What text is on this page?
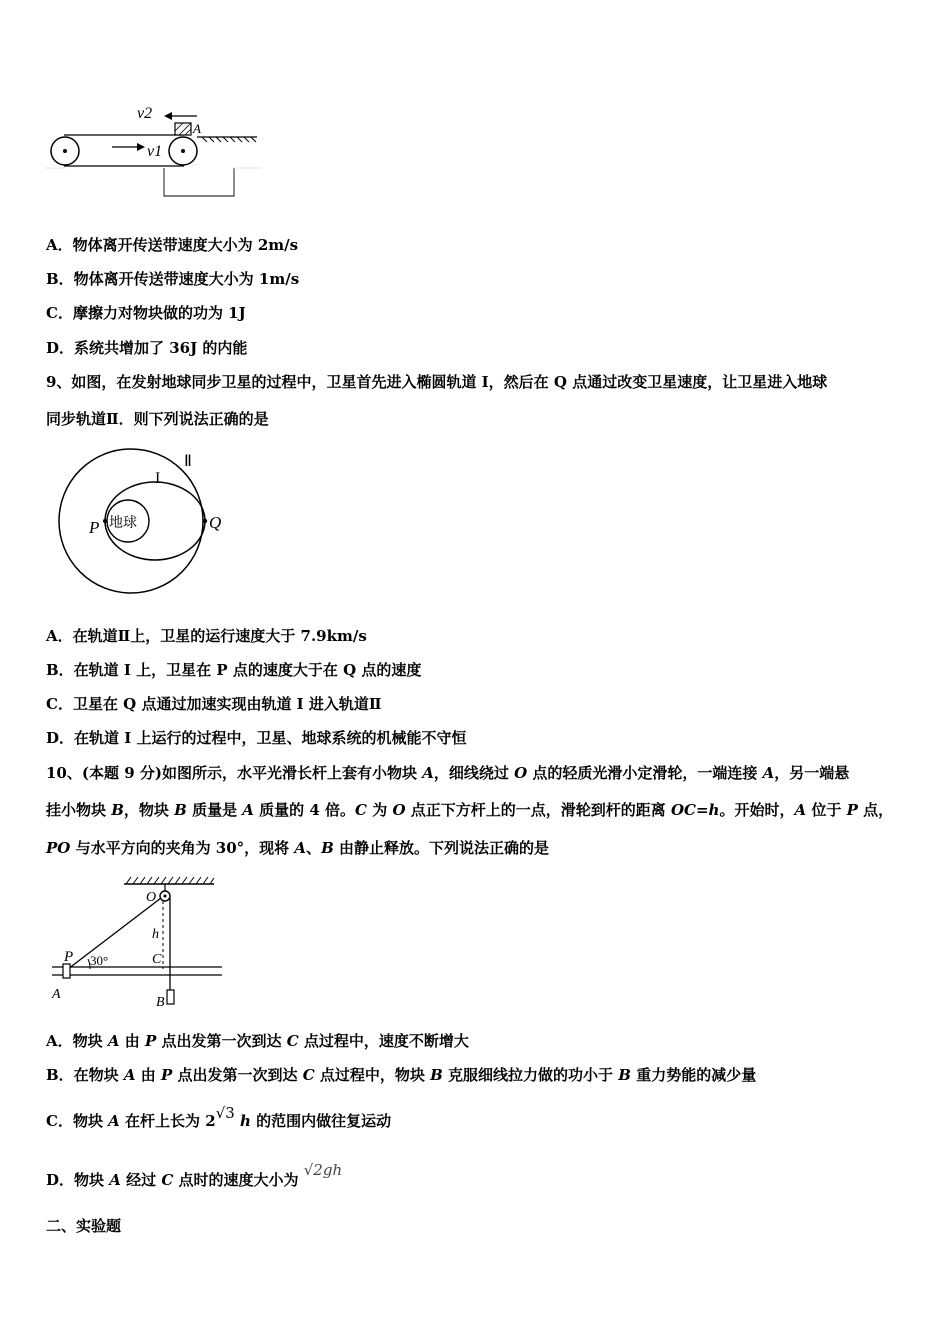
A
v2
v1
A．物体离开传送带速度大小为 2m/s
B．物体离开传送带速度大小为 1m/s
C．摩擦力对物块做的功为 1J
D．系统共增加了 36J 的内能
9、如图，在发射地球同步卫星的过程中，卫星首先进入椭圆轨道 I，然后在 Q 点通过改变卫星速度，让卫星进入地球
同步轨道Ⅱ．则下列说法正确的是
Ⅱ
I
P 地球	Q
A．在轨道Ⅱ上，卫星的运行速度大于 7.9km/s
B．在轨道 I 上，卫星在 P 点的速度大于在 Q 点的速度
C．卫星在 Q 点通过加速实现由轨道 I 进入轨道Ⅱ
D．在轨道 I 上运行的过程中，卫星、地球系统的机械能不守恒
10、(本题 9 分)如图所示，水平光滑长杆上套有小物块 A，细线绕过 O 点的轻质光滑小定滑轮，一端连接 A，另一端悬
挂小物块 B，物块 B 质量是 A 质量的 4 倍。C 为 O 点正下方杆上的一点，滑轮到杆的距离 OC=h。开始时，A 位于 P 点，
PO 与水平方向的夹角为 30°，现将 A、B 由静止释放。下列说法正确的是
O
h
P 30°	C
A
B
A．物块 A 由 P 点出发第一次到达 C 点过程中，速度不断增大
B．在物块 A 由 P 点出发第一次到达 C 点过程中，物块 B 克服细线拉力做的功小于 B 重力势能的减少量
C．物块 A 在杆上长为 2√3 h 的范围内做往复运动
D．物块 A 经过 C 点时的速度大小为 √2gh
二、实验题
